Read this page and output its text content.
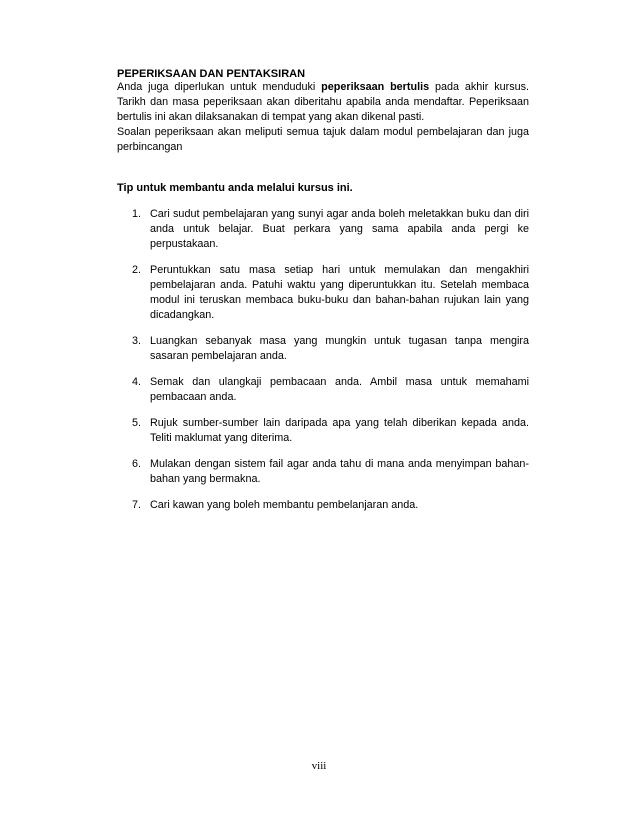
PEPERIKSAAN DAN PENTAKSIRAN

Anda juga diperlukan untuk menduduki peperiksaan bertulis pada akhir kursus. Tarikh dan masa peperiksaan akan diberitahu apabila anda mendaftar. Peperiksaan bertulis ini akan dilaksanakan di tempat yang akan dikenal pasti.

Soalan peperiksaan akan meliputi semua tajuk dalam modul pembelajaran dan juga perbincangan

Tip untuk membantu anda melalui kursus ini.
1. Cari sudut pembelajaran yang sunyi agar anda boleh meletakkan buku dan diri anda untuk belajar. Buat perkara yang sama apabila anda pergi ke perpustakaan.
2. Peruntukkan satu masa setiap hari untuk memulakan dan mengakhiri pembelajaran anda. Patuhi waktu yang diperuntukkan itu. Setelah membaca modul ini teruskan membaca buku-buku dan bahan-bahan rujukan lain yang dicadangkan.
3. Luangkan sebanyak masa yang mungkin untuk tugasan tanpa mengira sasaran pembelajaran anda.
4. Semak dan ulangkaji pembacaan anda. Ambil masa untuk memahami pembacaan anda.
5. Rujuk sumber-sumber lain daripada apa yang telah diberikan kepada anda. Teliti maklumat yang diterima.
6. Mulakan dengan sistem fail agar anda tahu di mana anda menyimpan bahan-bahan yang bermakna.
7. Cari kawan yang boleh membantu pembelanjaran anda.
viii
